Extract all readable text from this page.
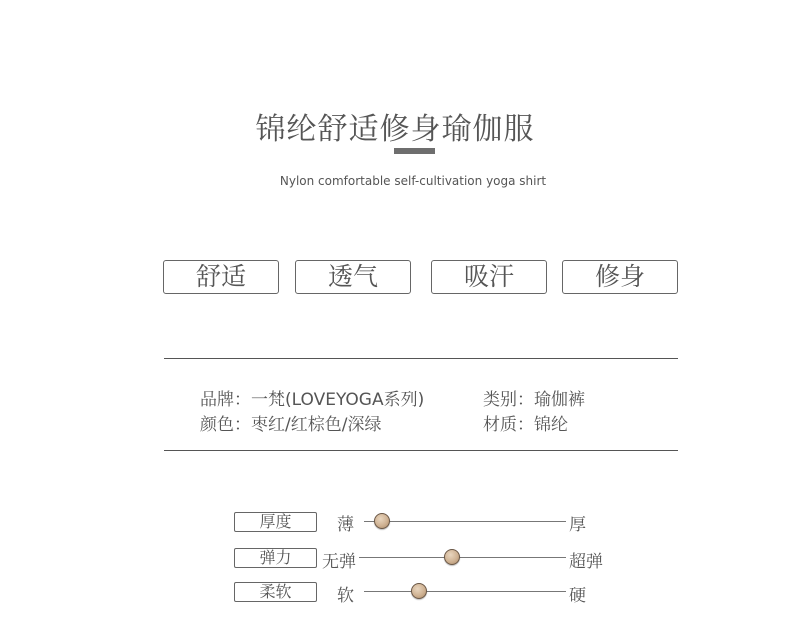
锦纶舒适修身瑜伽服
Nylon comfortable self-cultivation yoga shirt
舒适	透气	吸汗	修身
品牌：一梵(LOVEYOGA系列)	类别：瑜伽裤
颜色：枣红/红棕色/深绿	材质：锦纶
厚度	薄	厚
弹力	无弹	超弹
柔软	软	硬
